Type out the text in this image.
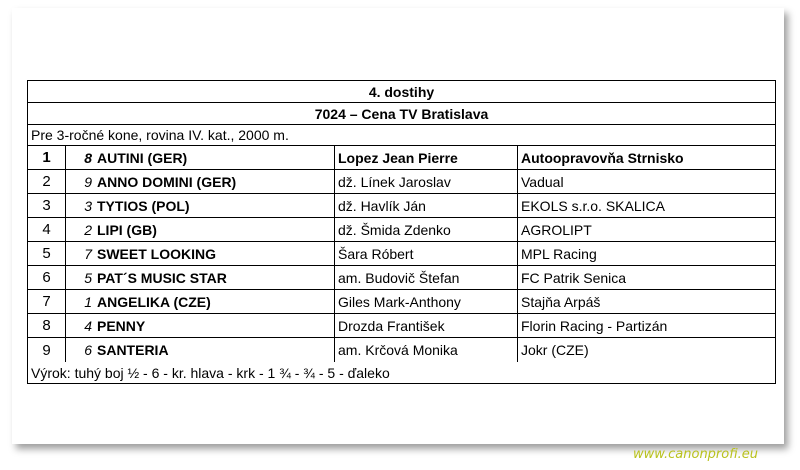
4. dostihy
7024 – Cena TV Bratislava
Pre 3-ročné kone, rovina IV. kat., 2000 m.
1	8 AUTINI (GER)	Lopez Jean Pierre	Autoopravovňa Strnisko
2	9 ANNO DOMINI (GER)	dž. Línek Jaroslav	Vadual
3	3 TYTIOS (POL)	dž. Havlík Ján	EKOLS s.r.o. SKALICA
4	2 LIPI (GB)	dž. Šmida Zdenko	AGROLIPT
5	7 SWEET LOOKING	Šara Róbert	MPL Racing
6	5 PAT´S MUSIC STAR	am. Budovič Štefan	FC Patrik Senica
7	1 ANGELIKA (CZE)	Giles Mark-Anthony	Stajňa Arpáš
8	4 PENNY	Drozda František	Florin Racing - Partizán
9	6 SANTERIA	am. Krčová Monika	Jokr (CZE)
Výrok: tuhý boj ½ - 6 - kr. hlava - krk - 1 ¾ - ¾ - 5 - ďaleko
www.canonprofi.eu
